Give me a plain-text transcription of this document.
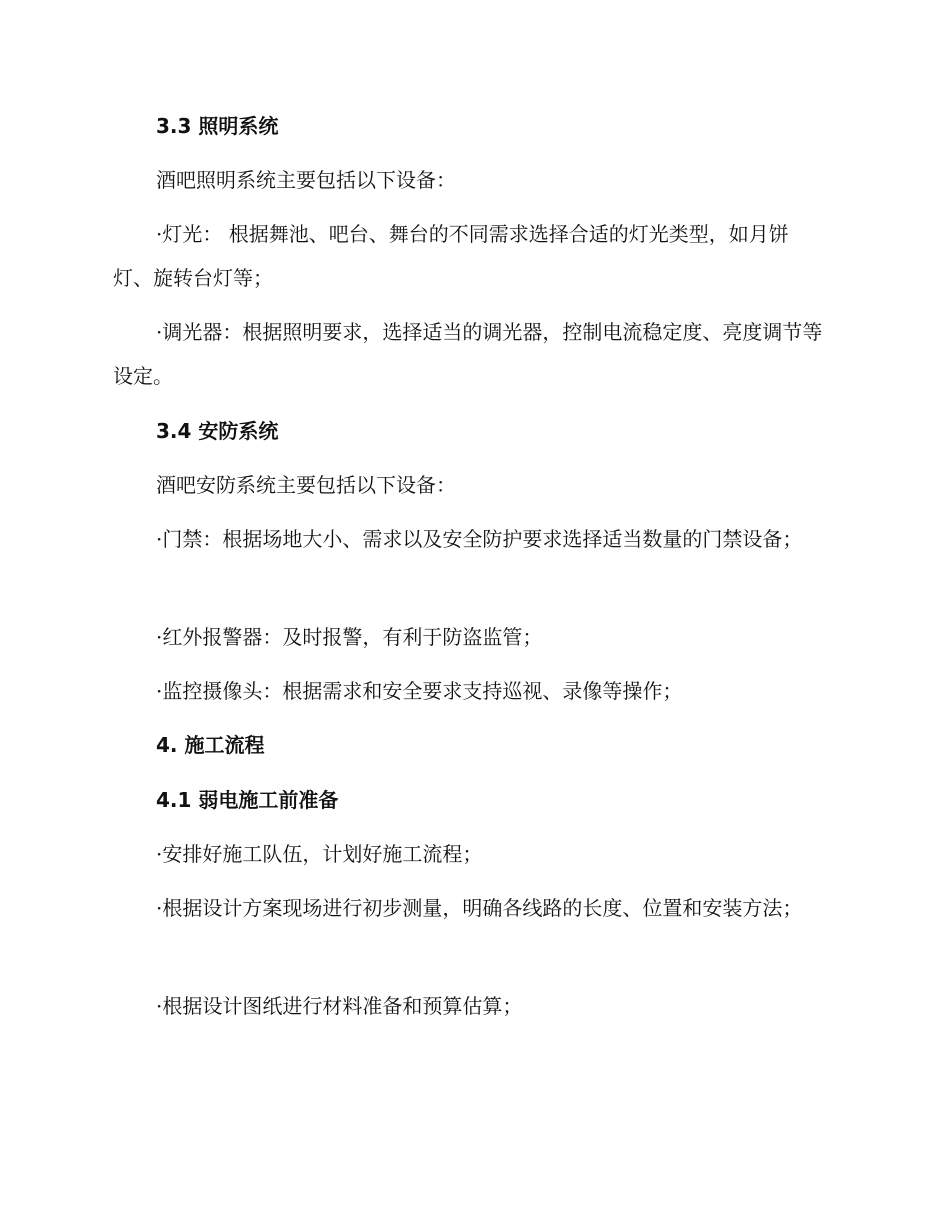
3.3 照明系统

酒吧照明系统主要包括以下设备：

·灯光： 根据舞池、吧台、舞台的不同需求选择合适的灯光类型，如月饼灯、旋转台灯等；

·调光器：根据照明要求，选择适当的调光器，控制电流稳定度、亮度调节等设定。

3.4 安防系统

酒吧安防系统主要包括以下设备：

·门禁：根据场地大小、需求以及安全防护要求选择适当数量的门禁设备；

·红外报警器：及时报警，有利于防盗监管；

·监控摄像头：根据需求和安全要求支持巡视、录像等操作；

4. 施工流程

4.1 弱电施工前准备

·安排好施工队伍，计划好施工流程；

·根据设计方案现场进行初步测量，明确各线路的长度、位置和安装方法；

·根据设计图纸进行材料准备和预算估算；
